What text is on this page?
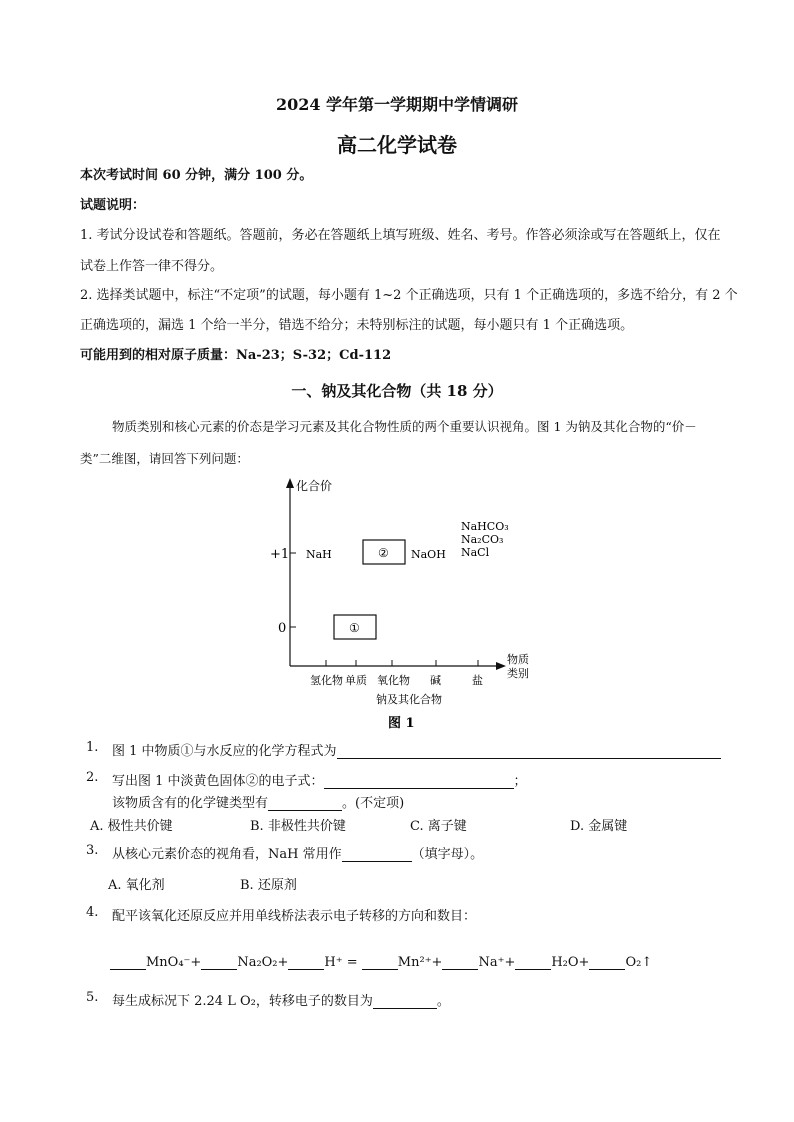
2024 学年第一学期期中学情调研
高二化学试卷
本次考试时间 60 分钟，满分 100 分。
试题说明：
1. 考试分设试卷和答题纸。答题前，务必在答题纸上填写班级、姓名、考号。作答必须涂或写在答题纸上，仅在
试卷上作答一律不得分。
2. 选择类试题中，标注“不定项”的试题，每小题有 1~2 个正确选项，只有 1 个正确选项的，多选不给分，有 2 个
正确选项的，漏选 1 个给一半分，错选不给分；未特别标注的试题，每小题只有 1 个正确选项。
可能用到的相对原子质量：Na-23；S-32；Cd-112
一、钠及其化合物（共 18 分）
物质类别和核心元素的价态是学习元素及其化合物性质的两个重要认识视角。图 1 为钠及其化合物的“价－
类”二维图，请回答下列问题：
化合价
+1
0
物质
类别
氢化物 单质 氧化物 碱	盐
钠及其化合物
NaH	② NaOH
NaHCO₃
Na₂CO₃
NaCl
①
图 1
1. 图 1 中物质①与水反应的化学方程式为
2. 写出图 1 中淡黄色固体②的电子式：	；
该物质含有的化学键类型有	。(不定项)
A. 极性共价键	B. 非极性共价键	C. 离子键	D. 金属键
3. 从核心元素价态的视角看，NaH 常用作	（填字母）。
A. 氧化剂	B. 还原剂
4. 配平该氧化还原反应并用单线桥法表示电子转移的方向和数目：
MnO₄⁻+	Na₂O₂+	H⁺ =	Mn²⁺+	Na⁺+	H₂O+	O₂↑
5. 每生成标况下 2.24 L O₂，转移电子的数目为	。
